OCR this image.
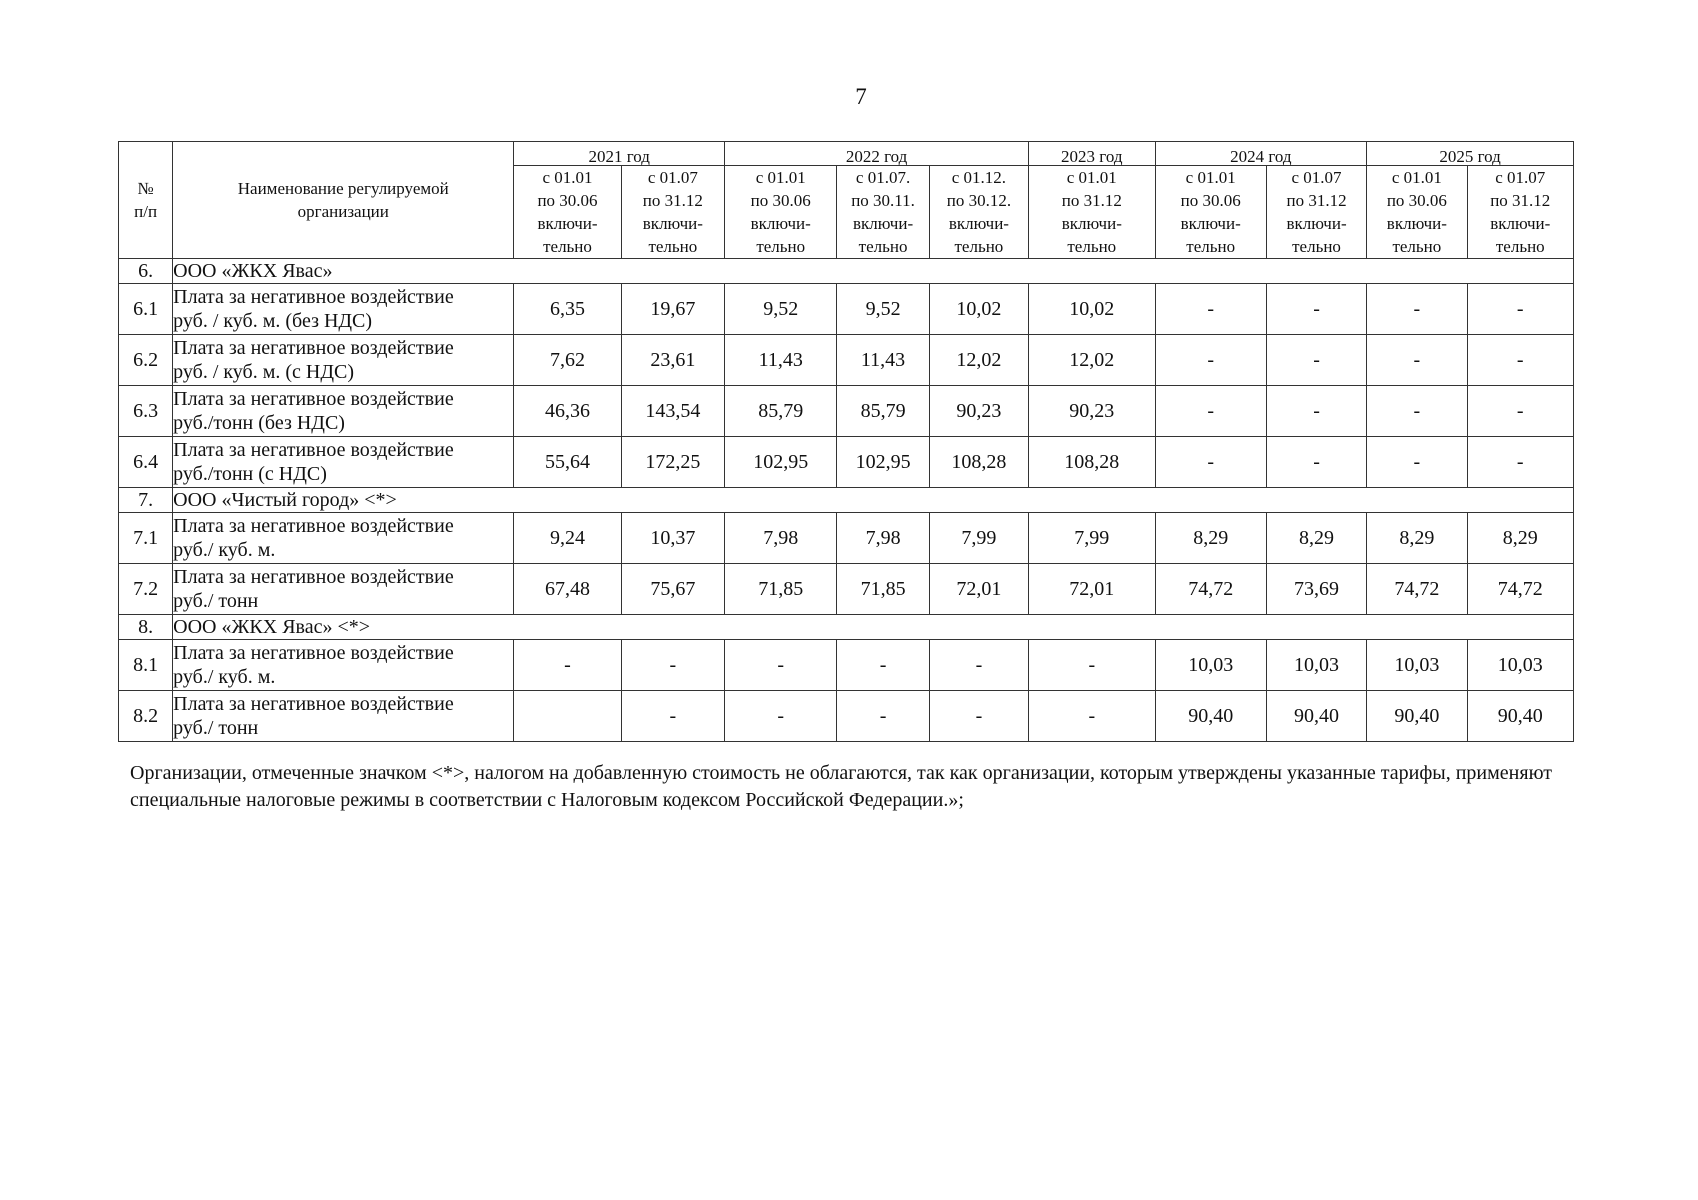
7
№
п/п	Наименование регулируемой
организации	2021 год		2022 год			2023 год	2024 год		2025 год	

		с 01.01
по 30.06
включи-
тельно	с 01.07
по 31.12
включи-
тельно	с 01.01
по 30.06
включи-
тельно	с 01.07.
по 30.11.
включи-
тельно	с 01.12.
по 30.12.
включи-
тельно	с 01.01
по 31.12
включи-
тельно	с 01.01
по 30.06
включи-
тельно	с 01.07
по 31.12
включи-
тельно	с 01.01
по 30.06
включи-
тельно	с 01.07
по 31.12
включи-
тельно

6.	ООО «ЖКХ Явас»										
6.1	Плата за негативное воздействие
руб. / куб. м. (без НДС)	6,35	19,67	9,52	9,52	10,02	10,02	-	-	-	-
6.2	Плата за негативное воздействие
руб. / куб. м. (с НДС)	7,62	23,61	11,43	11,43	12,02	12,02	-	-	-	-
6.3	Плата за негативное воздействие
руб./тонн (без НДС)	46,36	143,54	85,79	85,79	90,23	90,23	-	-	-	-
6.4	Плата за негативное воздействие
руб./тонн (с НДС)	55,64	172,25	102,95	102,95	108,28	108,28	-	-	-	-
7.	ООО «Чистый город» <*>										
7.1	Плата за негативное воздействие
руб./ куб. м.	9,24	10,37	7,98	7,98	7,99	7,99	8,29	8,29	8,29	8,29
7.2	Плата за негативное воздействие
руб./ тонн	67,48	75,67	71,85	71,85	72,01	72,01	74,72	73,69	74,72	74,72
8.	ООО «ЖКХ Явас» <*>										
8.1	Плата за негативное воздействие
руб./ куб. м.	-	-	-	-	-	-	10,03	10,03	10,03	10,03
8.2	Плата за негативное воздействие
руб./ тонн		-	-	-	-	-	90,40	90,40	90,40	90,40
Организации, отмеченные значком <*>, налогом на добавленную стоимость не облагаются, так как организации, которым утверждены указанные тарифы, применяют специальные налоговые режимы в соответствии с Налоговым кодексом Российской Федерации.»;
